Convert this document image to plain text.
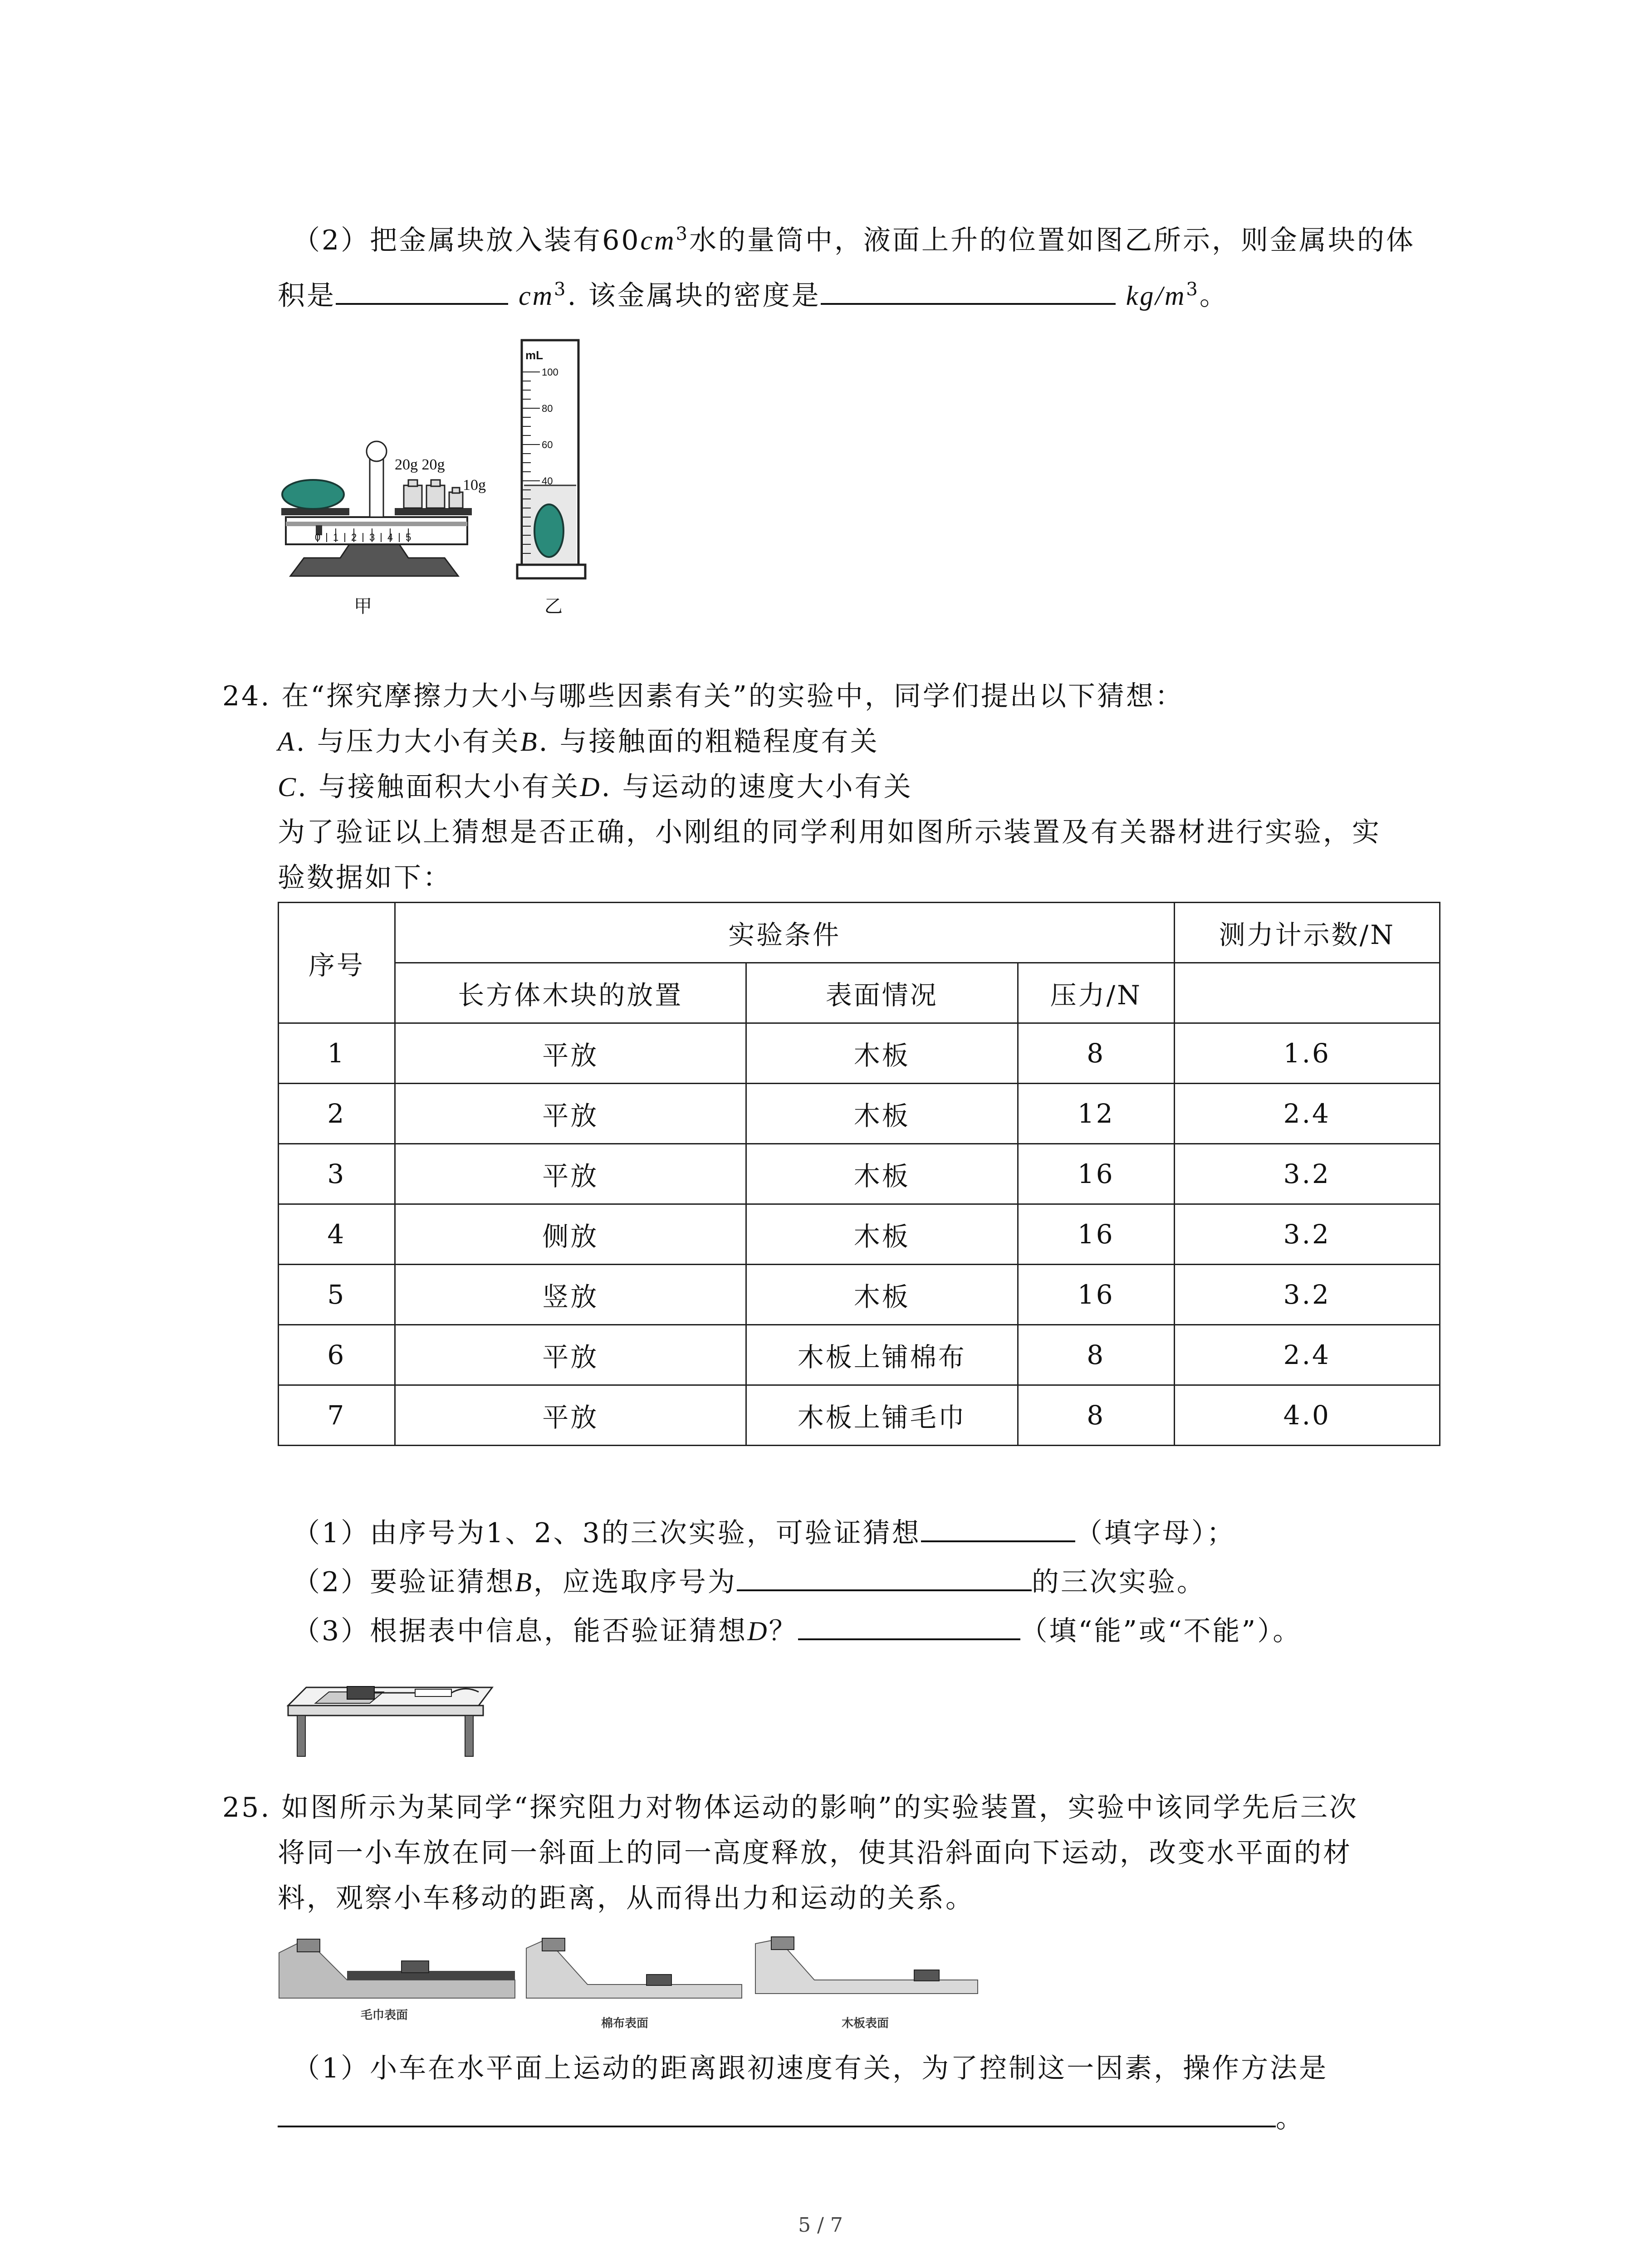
（2）把金属块放入装有$60cm^3$水的量筒中，液面上升的位置如图乙所示，则金属块的体
积是	$cm^3$. 该金属块的密度是	$kg/m^3$。
20g 20g
10g
0 1 2 3 4 5
甲
mL
100
80
60
40
乙
24. 在“探究摩擦力大小与哪些因素有关”的实验中，同学们提出以下猜想：
A. 与压力大小有关B. 与接触面的粗糙程度有关
C. 与接触面积大小有关D. 与运动的速度大小有关
为了验证以上猜想是否正确，小刚组的同学利用如图所示装置及有关器材进行实验，实
验数据如下：
序号	实验条件			测力计示数/N
	长方体木块的放置	表面情况	压力/N	
1	平放	木板	8	1.6
2	平放	木板	12	2.4
3	平放	木板	16	3.2
4	侧放	木板	16	3.2
5	竖放	木板	16	3.2
6	平放	木板上铺棉布	8	2.4
7	平放	木板上铺毛巾	8	4.0
（1）由序号为1、2、3的三次实验，可验证猜想	（填字母）；
（2）要验证猜想B，应选取序号为	的三次实验。
（3）根据表中信息，能否验证猜想D？	（填“能”或“不能”）。
25. 如图所示为某同学“探究阻力对物体运动的影响”的实验装置，实验中该同学先后三次
将同一小车放在同一斜面上的同一高度释放，使其沿斜面向下运动，改变水平面的材
料，观察小车移动的距离，从而得出力和运动的关系。
毛巾表面
棉布表面	木板表面
（1）小车在水平面上运动的距离跟初速度有关，为了控制这一因素，操作方法是
。
5 / 7
